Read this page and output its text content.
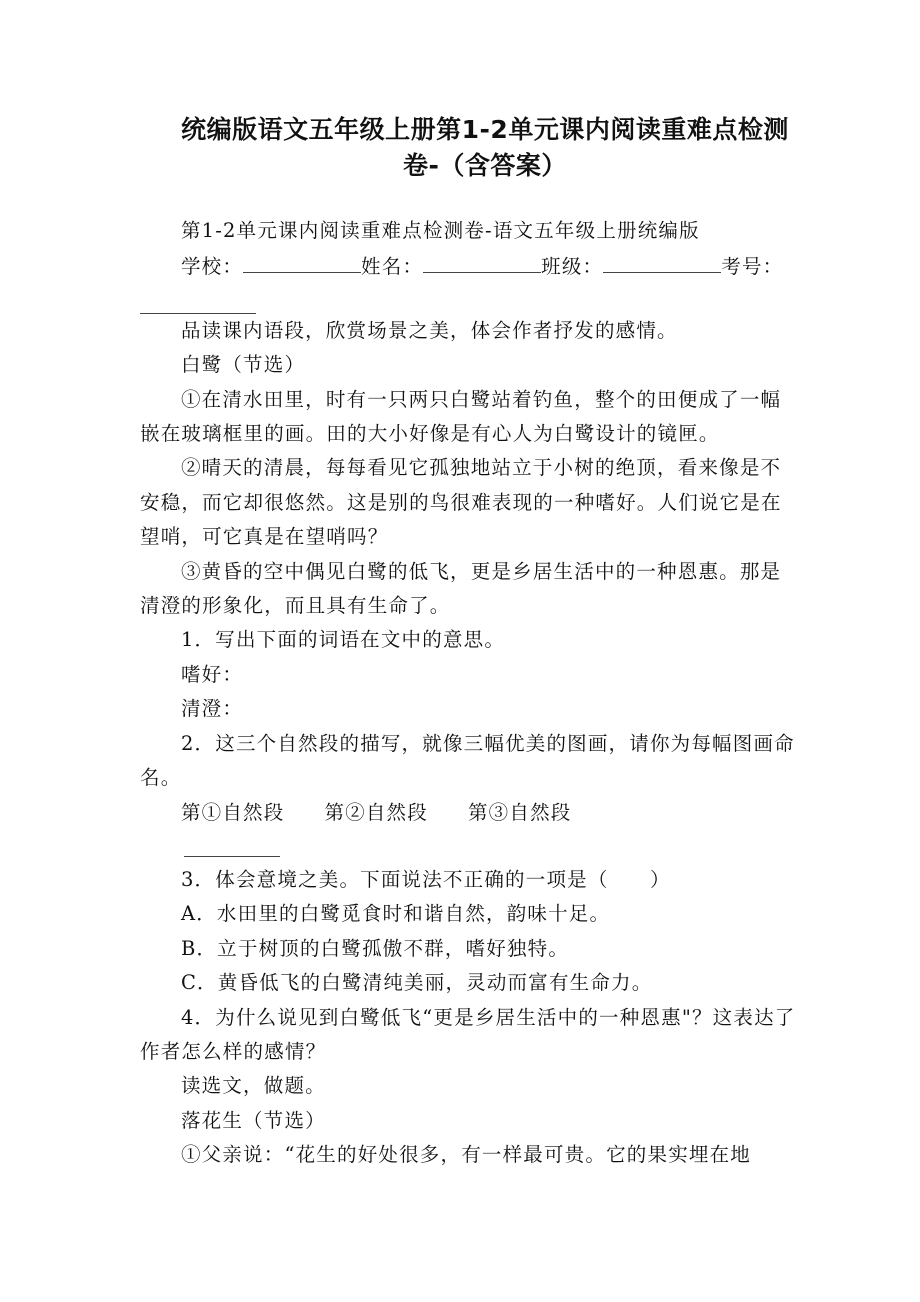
统编版语文五年级上册第1-2单元课内阅读重难点检测
卷-（含答案）

第1-2单元课内阅读重难点检测卷-语文五年级上册统编版

学校：	姓名：	班级：	考号：

品读课内语段，欣赏场景之美，体会作者抒发的感情。

白鹭（节选）

①在清水田里，时有一只两只白鹭站着钓鱼，整个的田便成了一幅嵌在玻璃框里的画。田的大小好像是有心人为白鹭设计的镜匣。

②晴天的清晨，每每看见它孤独地站立于小树的绝顶，看来像是不安稳，而它却很悠然。这是别的鸟很难表现的一种嗜好。人们说它是在望哨，可它真是在望哨吗？

③黄昏的空中偶见白鹭的低飞，更是乡居生活中的一种恩惠。那是清澄的形象化，而且具有生命了。

1．写出下面的词语在文中的意思。

嗜好：

清澄：

2．这三个自然段的描写，就像三幅优美的图画，请你为每幅图画命名。

第①自然段 第②自然段 第③自然段

3．体会意境之美。下面说法不正确的一项是（　　）

A．水田里的白鹭觅食时和谐自然，韵味十足。

B．立于树顶的白鹭孤傲不群，嗜好独特。

C．黄昏低飞的白鹭清纯美丽，灵动而富有生命力。

4．为什么说见到白鹭低飞“更是乡居生活中的一种恩惠"？这表达了作者怎么样的感情？

读选文，做题。

落花生（节选）

①父亲说：“花生的好处很多，有一样最可贵。它的果实埋在地
